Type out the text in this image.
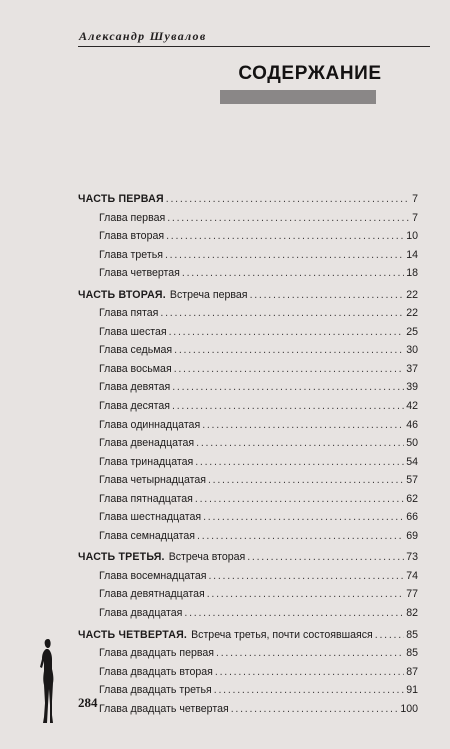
Александр Шувалов
СОДЕРЖАНИЕ
ЧАСТЬ ПЕРВАЯ . . .	7
Глава первая . . .	7
Глава вторая . . .	10
Глава третья . . .	14
Глава четвертая . . .	18
ЧАСТЬ ВТОРАЯ. Встреча первая . . .	22
Глава пятая . . .	22
Глава шестая . . .	25
Глава седьмая . . .	30
Глава восьмая . . .	37
Глава девятая . . .	39
Глава десятая . . .	42
Глава одиннадцатая . . .	46
Глава двенадцатая . . .	50
Глава тринадцатая . . .	54
Глава четырнадцатая . . .	57
Глава пятнадцатая . . .	62
Глава шестнадцатая . . .	66
Глава семнадцатая . . .	69
ЧАСТЬ ТРЕТЬЯ. Встреча вторая . . .	73
Глава восемнадцатая . . .	74
Глава девятнадцатая . . .	77
Глава двадцатая . . .	82
ЧАСТЬ ЧЕТВЕРТАЯ. Встреча третья, почти состоявшаяся . . .	85
Глава двадцать первая . . .	85
Глава двадцать вторая . . .	87
Глава двадцать третья . . .	91
Глава двадцать четвертая . . .	100
284
